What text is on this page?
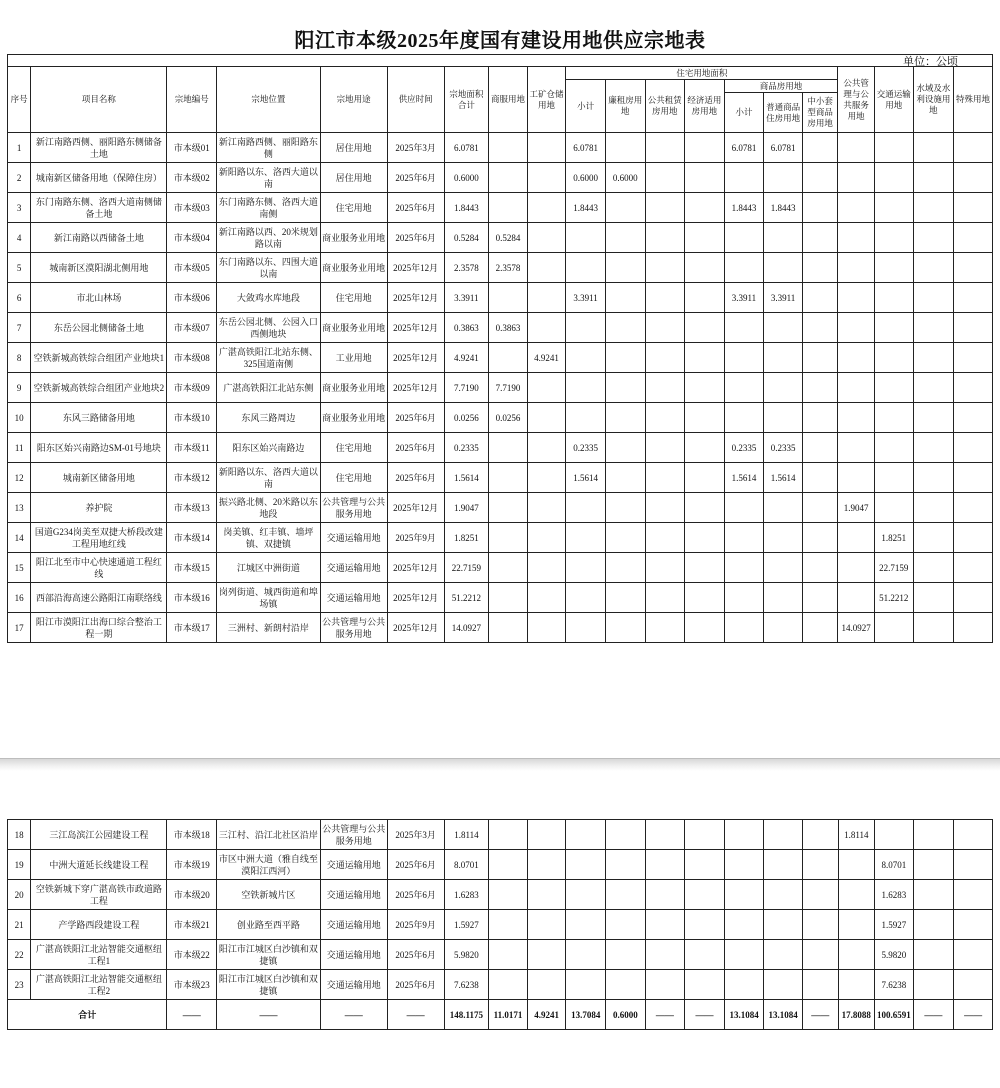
阳江市本级2025年度国有建设用地供应宗地表
单位：公顷

序号	项目名称	宗地编号	宗地位置	宗地用途	供应时间	宗地面积合计	商服用地	工矿仓储用地	住宅用地面积							公共管理与公共服务用地	交通运输用地	水域及水利设施用地	特殊用地
									小计	廉租房用地	公共租赁房用地	经济适用房用地	商品房用地						
													小计	普通商品住房用地	中小套型商品房用地				
1	新江南路西侧、丽阳路东侧储备土地	市本级01	新江南路西侧、丽阳路东侧	居住用地	2025年3月	6.0781			6.0781				6.0781	6.0781					
2	城南新区储备用地（保障住房）	市本级02	新阳路以东、洛西大道以南	居住用地	2025年6月	0.6000			0.6000	0.6000									
3	东门南路东侧、洛西大道南侧储备土地	市本级03	东门南路东侧、洛西大道南侧	住宅用地	2025年6月	1.8443			1.8443				1.8443	1.8443					
4	新江南路以西储备土地	市本级04	新江南路以西、20米规划路以南	商业服务业用地	2025年6月	0.5284	0.5284												
5	城南新区漠阳湖北侧用地	市本级05	东门南路以东、四围大道以南	商业服务业用地	2025年12月	2.3578	2.3578												
6	市北山林场	市本级06	大敛鸡水库地段	住宅用地	2025年12月	3.3911			3.3911				3.3911	3.3911					
7	东岳公园北侧储备土地	市本级07	东岳公园北侧、公园入口西侧地块	商业服务业用地	2025年12月	0.3863	0.3863												
8	空铁新城高铁综合组团产业地块1	市本级08	广湛高铁阳江北站东侧、325国道南侧	工业用地	2025年12月	4.9241		4.9241											
9	空铁新城高铁综合组团产业地块2	市本级09	广湛高铁阳江北站东侧	商业服务业用地	2025年12月	7.7190	7.7190												
10	东风三路储备用地	市本级10	东风三路周边	商业服务业用地	2025年6月	0.0256	0.0256												
11	阳东区始兴南路边SM-01号地块	市本级11	阳东区始兴南路边	住宅用地	2025年6月	0.2335			0.2335				0.2335	0.2335					
12	城南新区储备用地	市本级12	新阳路以东、洛西大道以南	住宅用地	2025年6月	1.5614			1.5614				1.5614	1.5614					
13	养护院	市本级13	振兴路北侧、20米路以东地段	公共管理与公共服务用地	2025年12月	1.9047										1.9047			
14	国道G234岗美至双捷大桥段改建工程用地红线	市本级14	岗美镇、红丰镇、墙坪镇、双捷镇	交通运输用地	2025年9月	1.8251											1.8251		
15	阳江北至市中心快速通道工程红线	市本级15	江城区中洲街道	交通运输用地	2025年12月	22.7159											22.7159		
16	西部沿海高速公路阳江南联络线	市本级16	岗列街道、城西街道和埠场镇	交通运输用地	2025年12月	51.2212											51.2212		
17	阳江市漠阳江出海口综合整治工程一期	市本级17	三洲村、新朗村沿岸	公共管理与公共服务用地	2025年12月	14.0927										14.0927			
18	三江岛滨江公园建设工程	市本级18	三江村、沿江北社区沿岸	公共管理与公共服务用地	2025年3月	1.8114										1.8114			
19	中洲大道延长线建设工程	市本级19	市区中洲大道（雅自线至漠阳江西河）	交通运输用地	2025年6月	8.0701											8.0701		
20	空铁新城下穿广湛高铁市政道路工程	市本级20	空铁新城片区	交通运输用地	2025年6月	1.6283											1.6283		
21	产学路西段建设工程	市本级21	创业路至西平路	交通运输用地	2025年9月	1.5927											1.5927		
22	广湛高铁阳江北站智能交通枢纽工程1	市本级22	阳江市江城区白沙镇和双捷镇	交通运输用地	2025年6月	5.9820											5.9820		
23	广湛高铁阳江北站智能交通枢纽工程2	市本级23	阳江市江城区白沙镇和双捷镇	交通运输用地	2025年6月	7.6238											7.6238		
合计		——	——	——	——	148.1175	11.0171	4.9241	13.7084	0.6000	——	——	13.1084	13.1084	——	17.8088	100.6591	——	——
